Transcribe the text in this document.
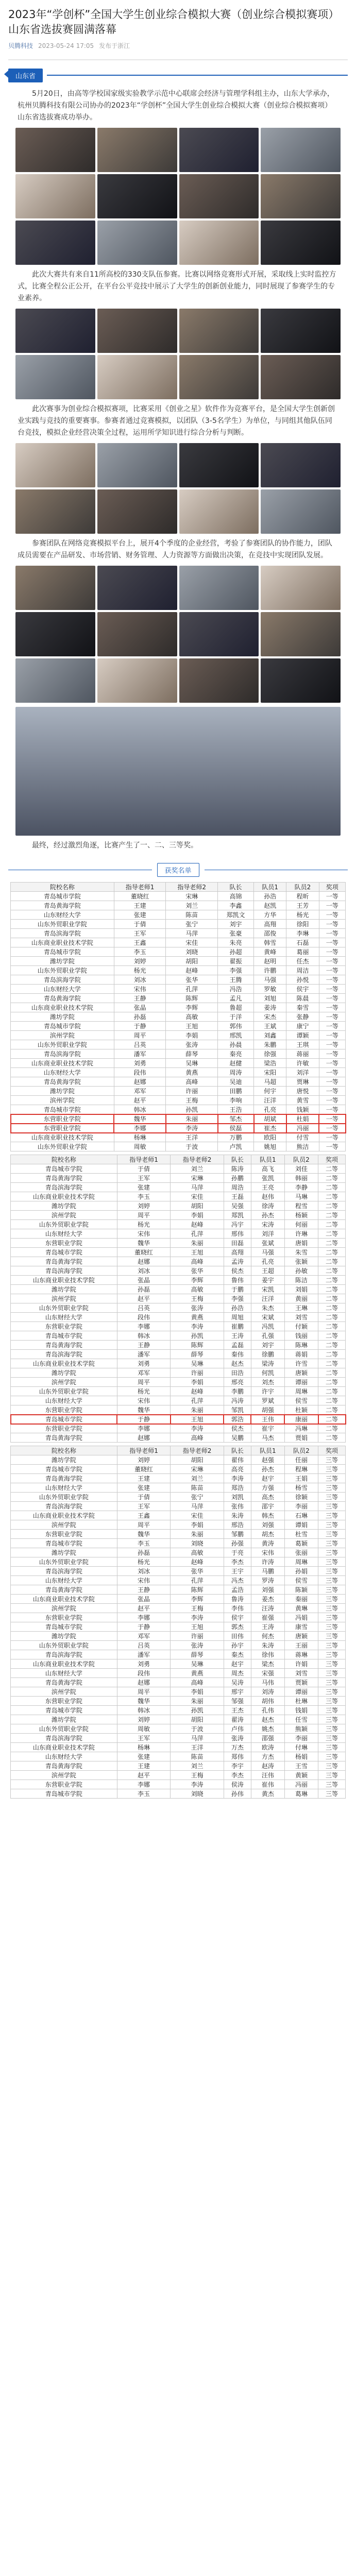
2023年“学创杯”全国大学生创业综合模拟大赛（创业综合模拟赛项）山东省选拔赛圆满落幕
贝腾科技 2023-05-24 17:05 发布于浙江
山东省
5月20日，由高等学校国家级实验教学示范中心联席会经济与管理学科组主办，山东大学承办，杭州贝腾科技有限公司协办的2023年“学创杯”全国大学生创业综合模拟大赛（创业综合模拟赛项）山东省选拔赛成功举办。
此次大赛共有来自11所高校的330支队伍参赛。比赛以网络竞赛形式开展，采取线上实时监控方式，比赛全程公正公开，在平台公平竞技中展示了大学生的创新创业能力，同时展现了参赛学生的专业素养。
此次赛事为创业综合模拟赛项，比赛采用《创业之星》软件作为竞赛平台，是全国大学生创新创业实践与竞技的重要赛事。参赛者通过竞赛模拟，以团队（3-5名学生）为单位，与同组其他队伍同台竞技，模拟企业经营决策全过程，运用所学知识进行综合分析与判断。
参赛团队在网络竞赛模拟平台上，展开4个季度的企业经营，考验了参赛团队的协作能力，团队成员需要在产品研发、市场营销、财务管理、人力资源等方面做出决策，在竞技中实现团队发展。
最终，经过激烈角逐，比赛产生了一、二、三等奖。
获奖名单
院校名称	指导老师1	指导老师2	队长	队员1	队员2	奖项
青岛城市学院	董晓红	宋琳	高锦	孙浩	程昕	一等
青岛黄海学院	王建	刘兰	李鑫	赵凯	王芳	一等
山东财经大学	张建	陈苗	郑凯文	方华	杨光	一等
山东外贸职业学院	于倩	张宁	刘宇	高翔	徐阳	一等
青岛滨海学院	王军	马萍	张豪	邵俊	李琳	一等
山东商业职业技术学院	王鑫	宋佳	朱亮	韩雪	石磊	一等
青岛城市学院	李玉	刘晓	孙超	黄峰	葛丽	一等
潍坊学院	刘婷	胡阳	翟振	赵明	任杰	一等
山东外贸职业学院	杨光	赵峰	李强	许鹏	周洁	一等
青岛滨海学院	刘冰	张华	王腾	马强	孙悦	一等
山东财经大学	宋伟	孔萍	冯浩	罗敏	侯宇	一等
青岛黄海学院	王静	陈辉	孟凡	刘旭	陈晨	一等
山东商业职业技术学院	张晶	李辉	鲁超	姜涛	秦雪	一等
潍坊学院	孙磊	高敏	于洋	宋杰	张静	一等
青岛城市学院	于静	王旭	郭伟	王斌	康宁	一等
滨州学院	周平	李娟	邢凯	刘鑫	谭颖	一等
山东外贸职业学院	吕英	张涛	孙晨	朱鹏	王琪	一等
青岛滨海学院	潘军	薛琴	秦亮	徐强	蒋丽	一等
山东商业职业技术学院	刘勇	吴琳	赵健	梁浩	许敏	一等
山东财经大学	段伟	黄燕	周涛	宋阳	刘洋	一等
青岛黄海学院	赵娜	高峰	吴迪	马超	贾琳	一等
潍坊学院	邓军	许丽	田鹏	何宇	唐悦	一等
滨州学院	赵平	王梅	李响	汪洋	黄雪	一等
青岛城市学院	韩冰	孙凯	王浩	孔亮	钱颖	一等
东营职业学院	魏华	朱丽	邹杰	胡斌	杜娟	一等
东营职业学院	李娜	李涛	侯磊	崔杰	冯丽	一等
山东商业职业技术学院	杨琳	王洋	万鹏	欧阳	付雪	一等
山东外贸职业学院	周敏	于波	卢凯	姚旭	熊洁	一等
院校名称	指导老师1	指导老师2	队长	队员1	队员2	奖项
青岛城市学院	于倩	刘兰	陈涛	高飞	刘佳	二等
青岛黄海学院	王军	宋琳	孙鹏	张凯	韩丽	二等
青岛滨海学院	张建	马萍	周浩	王亮	李静	二等
山东商业职业技术学院	李玉	宋佳	王磊	赵伟	马琳	二等
潍坊学院	刘婷	胡阳	吴强	徐涛	程雪	二等
滨州学院	周平	李娟	郑凯	孙杰	杨颖	二等
山东外贸职业学院	杨光	赵峰	冯宇	宋涛	何丽	二等
山东财经大学	宋伟	孔萍	邢伟	刘洋	许琳	二等
东营职业学院	魏华	朱丽	田磊	张斌	唐娟	二等
青岛城市学院	董晓红	王旭	高翔	马强	朱雪	二等
青岛黄海学院	赵娜	高峰	孟涛	孔亮	张颖	二等
青岛滨海学院	刘冰	张华	侯杰	王超	孙敏	二等
山东商业职业技术学院	张晶	李辉	鲁伟	姜宇	陈洁	二等
潍坊学院	孙磊	高敏	于鹏	宋凯	刘娟	二等
滨州学院	赵平	王梅	李强	汪洋	黄丽	二等
山东外贸职业学院	吕英	张涛	孙浩	朱杰	王琳	二等
山东财经大学	段伟	黄燕	周旭	宋斌	刘雪	二等
东营职业学院	李娜	李涛	崔鹏	冯凯	付颖	二等
青岛城市学院	韩冰	孙凯	王涛	孔强	钱丽	二等
青岛黄海学院	王静	陈辉	孟磊	刘宇	陈琳	二等
青岛滨海学院	潘军	薛琴	秦伟	徐鹏	蒋娟	二等
山东商业职业技术学院	刘勇	吴琳	赵杰	梁涛	许雪	二等
潍坊学院	邓军	许丽	田浩	何凯	唐颖	二等
滨州学院	周平	李娟	邢亮	刘杰	谭丽	二等
山东外贸职业学院	杨光	赵峰	李鹏	许宇	周琳	二等
山东财经大学	宋伟	孔萍	冯涛	罗斌	侯雪	二等
东营职业学院	魏华	朱丽	邹凯	胡强	杜颖	二等
青岛城市学院	于静	王旭	郭浩	王伟	康丽	二等
东营职业学院	李娜	李涛	侯杰	崔宇	冯琳	二等
青岛黄海学院	赵娜	高峰	吴鹏	马杰	贾娟	二等
院校名称	指导老师1	指导老师2	队长	队员1	队员2	奖项
潍坊学院	刘婷	胡阳	翟伟	赵强	任丽	三等
青岛城市学院	董晓红	宋琳	高亮	孙杰	程琳	三等
青岛黄海学院	王建	刘兰	李涛	赵宇	王娟	三等
山东财经大学	张建	陈苗	郑浩	方强	杨雪	三等
山东外贸职业学院	于倩	张宁	刘凯	高杰	徐颖	三等
青岛滨海学院	王军	马萍	张伟	邵宇	李丽	三等
山东商业职业技术学院	王鑫	宋佳	朱涛	韩杰	石琳	三等
滨州学院	周平	李娟	邢浩	刘强	谭娟	三等
东营职业学院	魏华	朱丽	邹鹏	胡杰	杜雪	三等
青岛城市学院	李玉	刘晓	孙强	黄涛	葛颖	三等
潍坊学院	孙磊	高敏	于亮	宋伟	张丽	三等
山东外贸职业学院	杨光	赵峰	李杰	许涛	周琳	三等
青岛滨海学院	刘冰	张华	王宇	马鹏	孙娟	三等
山东财经大学	宋伟	孔萍	冯杰	罗涛	侯雪	三等
青岛黄海学院	王静	陈辉	孟浩	刘强	陈颖	三等
山东商业职业技术学院	张晶	李辉	鲁涛	姜杰	秦丽	三等
滨州学院	赵平	王梅	李伟	汪涛	黄琳	三等
东营职业学院	李娜	李涛	侯宇	崔强	冯娟	三等
青岛城市学院	于静	王旭	郭杰	王涛	康雪	三等
潍坊学院	邓军	许丽	田伟	何杰	唐颖	三等
山东外贸职业学院	吕英	张涛	孙宇	朱涛	王丽	三等
青岛滨海学院	潘军	薛琴	秦杰	徐伟	蒋琳	三等
山东商业职业技术学院	刘勇	吴琳	赵宇	梁杰	许娟	三等
山东财经大学	段伟	黄燕	周杰	宋强	刘雪	三等
青岛黄海学院	赵娜	高峰	吴涛	马伟	贾颖	三等
滨州学院	周平	李娟	邢宇	刘涛	谭丽	三等
东营职业学院	魏华	朱丽	邹强	胡伟	杜琳	三等
青岛城市学院	韩冰	孙凯	王杰	孔伟	钱娟	三等
潍坊学院	刘婷	胡阳	翟涛	赵杰	任雪	三等
山东外贸职业学院	周敏	于波	卢伟	姚杰	熊颖	三等
青岛滨海学院	王军	马萍	张涛	邵强	李丽	三等
山东商业职业技术学院	杨琳	王洋	万杰	欧涛	付琳	三等
山东财经大学	张建	陈苗	郑伟	方杰	杨娟	三等
青岛黄海学院	王建	刘兰	李宇	赵涛	王雪	三等
滨州学院	赵平	王梅	李杰	汪伟	黄颖	三等
东营职业学院	李娜	李涛	侯涛	崔伟	冯丽	三等
青岛城市学院	李玉	刘晓	孙伟	黄杰	葛琳	三等
